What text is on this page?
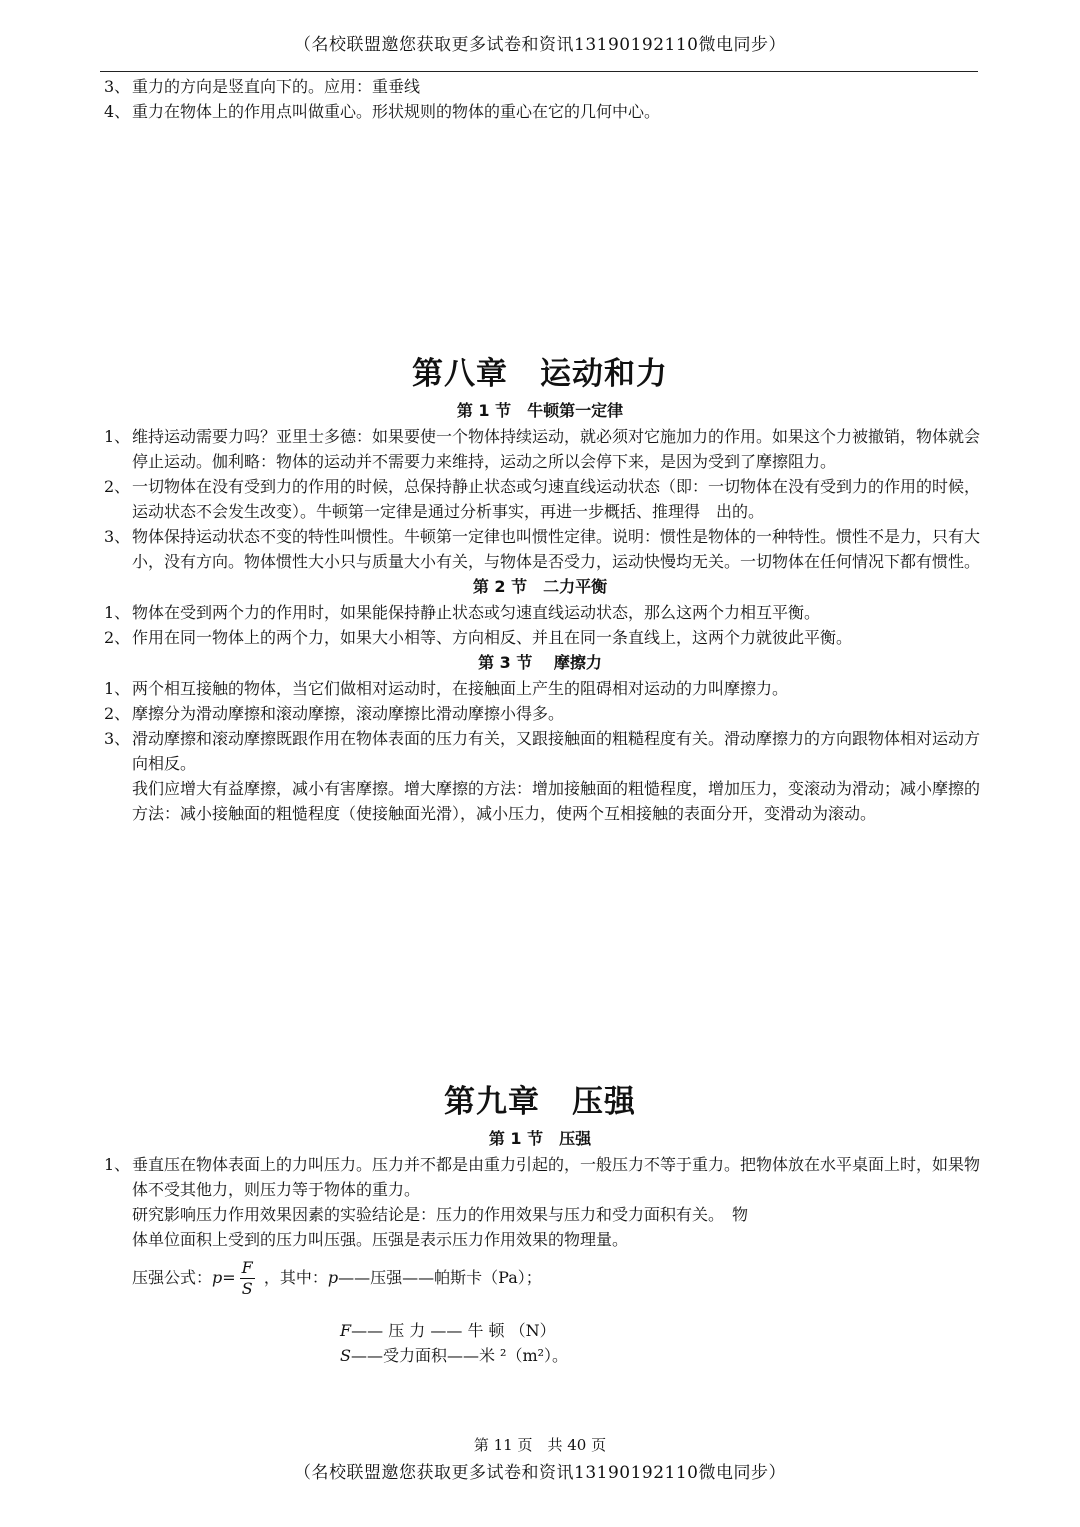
（名校联盟邀您获取更多试卷和资讯13190192110微电同步）
3、 重力的方向是竖直向下的。应用：重垂线
4、 重力在物体上的作用点叫做重心。形状规则的物体的重心在它的几何中心。
第八章　运动和力
第 1 节　牛顿第一定律
1、 维持运动需要力吗？亚里士多德：如果要使一个物体持续运动，就必须对它施加力的作用。如果这个力被撤销，物体就会停止运动。伽利略：物体的运动并不需要力来维持，运动之所以会停下来，是因为受到了摩擦阻力。
2、 一切物体在没有受到力的作用的时候，总保持静止状态或匀速直线运动状态（即：一切物体在没有受到力的作用的时候，运动状态不会发生改变）。牛顿第一定律是通过分析事实，再进一步概括、推理得　出的。
3、 物体保持运动状态不变的特性叫惯性。牛顿第一定律也叫惯性定律。说明：惯性是物体的一种特性。惯性不是力，只有大小，没有方向。物体惯性大小只与质量大小有关，与物体是否受力，运动快慢均无关。一切物体在任何情况下都有惯性。
第 2 节　二力平衡
1、 物体在受到两个力的作用时，如果能保持静止状态或匀速直线运动状态，那么这两个力相互平衡。
2、 作用在同一物体上的两个力，如果大小相等、方向相反、并且在同一条直线上，这两个力就彼此平衡。
第 3 节　 摩擦力
1、 两个相互接触的物体，当它们做相对运动时，在接触面上产生的阻碍相对运动的力叫摩擦力。
2、 摩擦分为滑动摩擦和滚动摩擦，滚动摩擦比滑动摩擦小得多。
3、 滑动摩擦和滚动摩擦既跟作用在物体表面的压力有关，又跟接触面的粗糙程度有关。滑动摩擦力的方向跟物体相对运动方向相反。
我们应增大有益摩擦，减小有害摩擦。增大摩擦的方法：增加接触面的粗慥程度，增加压力，变滚动为滑动；减小摩擦的方法：减小接触面的粗慥程度（使接触面光滑），减小压力，使两个互相接触的表面分开，变滑动为滚动。
第九章　压强
第 1 节　压强
1、 垂直压在物体表面上的力叫压力。压力并不都是由重力引起的，一般压力不等于重力。把物体放在水平桌面上时，如果物体不受其他力，则压力等于物体的重力。
研究影响压力作用效果因素的实验结论是：压力的作用效果与压力和受力面积有关。　物
体单位面积上受到的压力叫压强。压强是表示压力作用效果的物理量。
压强公式：$p= \frac{F}{S}$ ，其中：p——压强——帕斯卡（Pa）；
F—— 压 力 —— 牛 顿 （N）
S——受力面积——米 ²（m²）。
第 11 页　共 40 页
（名校联盟邀您获取更多试卷和资讯13190192110微电同步）
